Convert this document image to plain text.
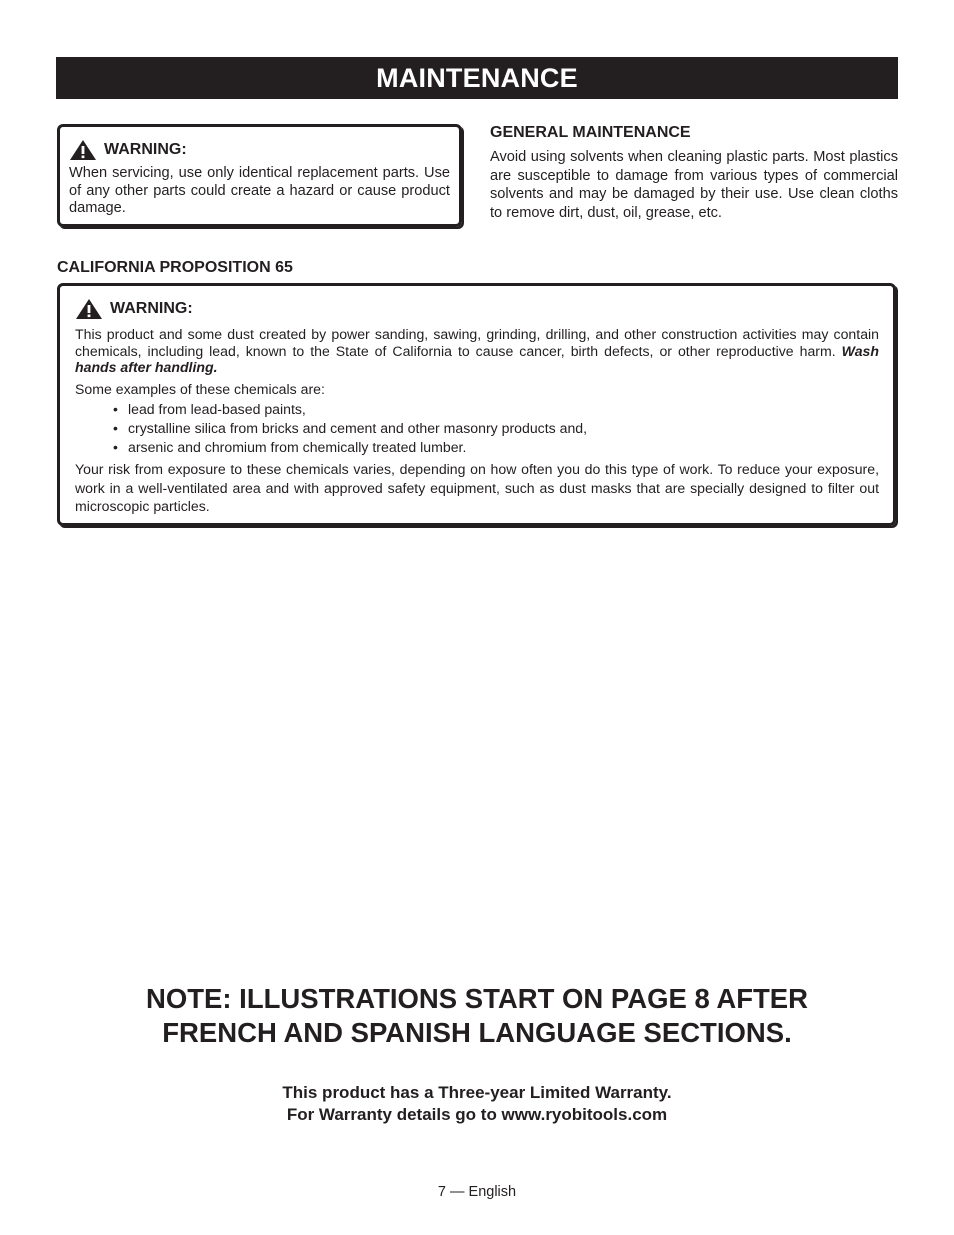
MAINTENANCE
WARNING:
When servicing, use only identical replacement parts. Use of any other parts could create a hazard or cause product damage.
GENERAL MAINTENANCE
Avoid using solvents when cleaning plastic parts. Most plastics are susceptible to damage from various types of commercial solvents and may be damaged by their use. Use clean cloths to remove dirt, dust, oil, grease, etc.
CALIFORNIA PROPOSITION 65
WARNING:

This product and some dust created by power sanding, sawing, grinding, drilling, and other construction activities may contain chemicals, including lead, known to the State of California to cause cancer, birth defects, or other reproductive harm. Wash hands after handling.

Some examples of these chemicals are:

• lead from lead-based paints,
• crystalline silica from bricks and cement and other masonry products and,
• arsenic and chromium from chemically treated lumber.

Your risk from exposure to these chemicals varies, depending on how often you do this type of work. To reduce your exposure, work in a well-ventilated area and with approved safety equipment, such as dust masks that are specially designed to filter out microscopic particles.

NOTE: ILLUSTRATIONS START ON PAGE 8 AFTER
FRENCH AND SPANISH LANGUAGE SECTIONS.
This product has a Three-year Limited Warranty.
For Warranty details go to www.ryobitools.com
7 — English
